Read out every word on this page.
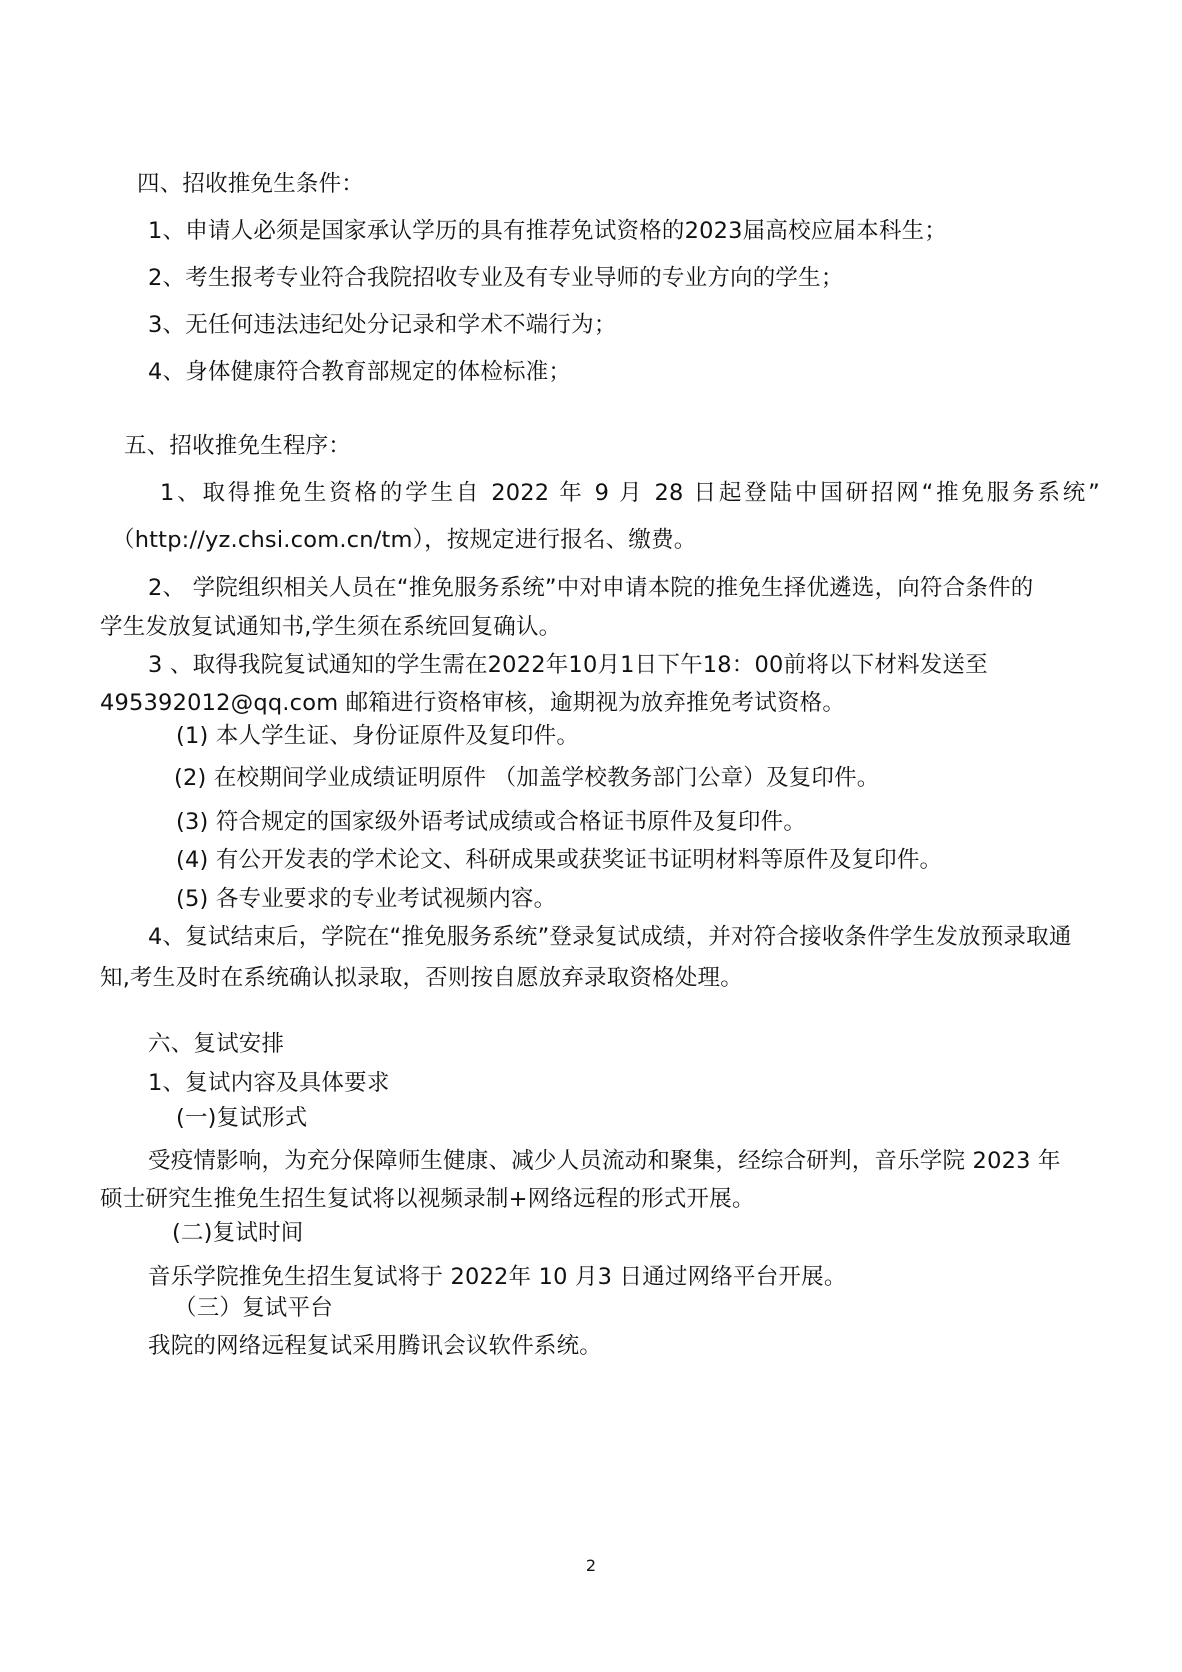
四、招收推免生条件：
1、申请人必须是国家承认学历的具有推荐免试资格的2023届高校应届本科生；
2、考生报考专业符合我院招收专业及有专业导师的专业方向的学生；
3、无任何违法违纪处分记录和学术不端行为；
4、身体健康符合教育部规定的体检标准；
五、招收推免生程序：
1、取得推免生资格的学生自 2022 年 9 月 28 日起登陆中国研招网“推免服务系统”
（http://yz.chsi.com.cn/tm），按规定进行报名、缴费。
2、 学院组织相关人员在“推免服务系统”中对申请本院的推免生择优遴选，向符合条件的
学生发放复试通知书,学生须在系统回复确认。
3 、取得我院复试通知的学生需在2022年10月1日下午18：00前将以下材料发送至
495392012@qq.com 邮箱进行资格审核，逾期视为放弃推免考试资格。
(1) 本人学生证、身份证原件及复印件。
(2) 在校期间学业成绩证明原件 （加盖学校教务部门公章）及复印件。
(3) 符合规定的国家级外语考试成绩或合格证书原件及复印件。
(4) 有公开发表的学术论文、科研成果或获奖证书证明材料等原件及复印件。
(5) 各专业要求的专业考试视频内容。
4、复试结束后，学院在“推免服务系统”登录复试成绩，并对符合接收条件学生发放预录取通
知,考生及时在系统确认拟录取，否则按自愿放弃录取资格处理。
六、复试安排
1、复试内容及具体要求
(一)复试形式
受疫情影响，为充分保障师生健康、减少人员流动和聚集，经综合研判，音乐学院 2023 年
硕士研究生推免生招生复试将以视频录制+网络远程的形式开展。
(二)复试时间
音乐学院推免生招生复试将于 2022年 10 月3 日通过网络平台开展。
（三）复试平台
我院的网络远程复试采用腾讯会议软件系统。
2
